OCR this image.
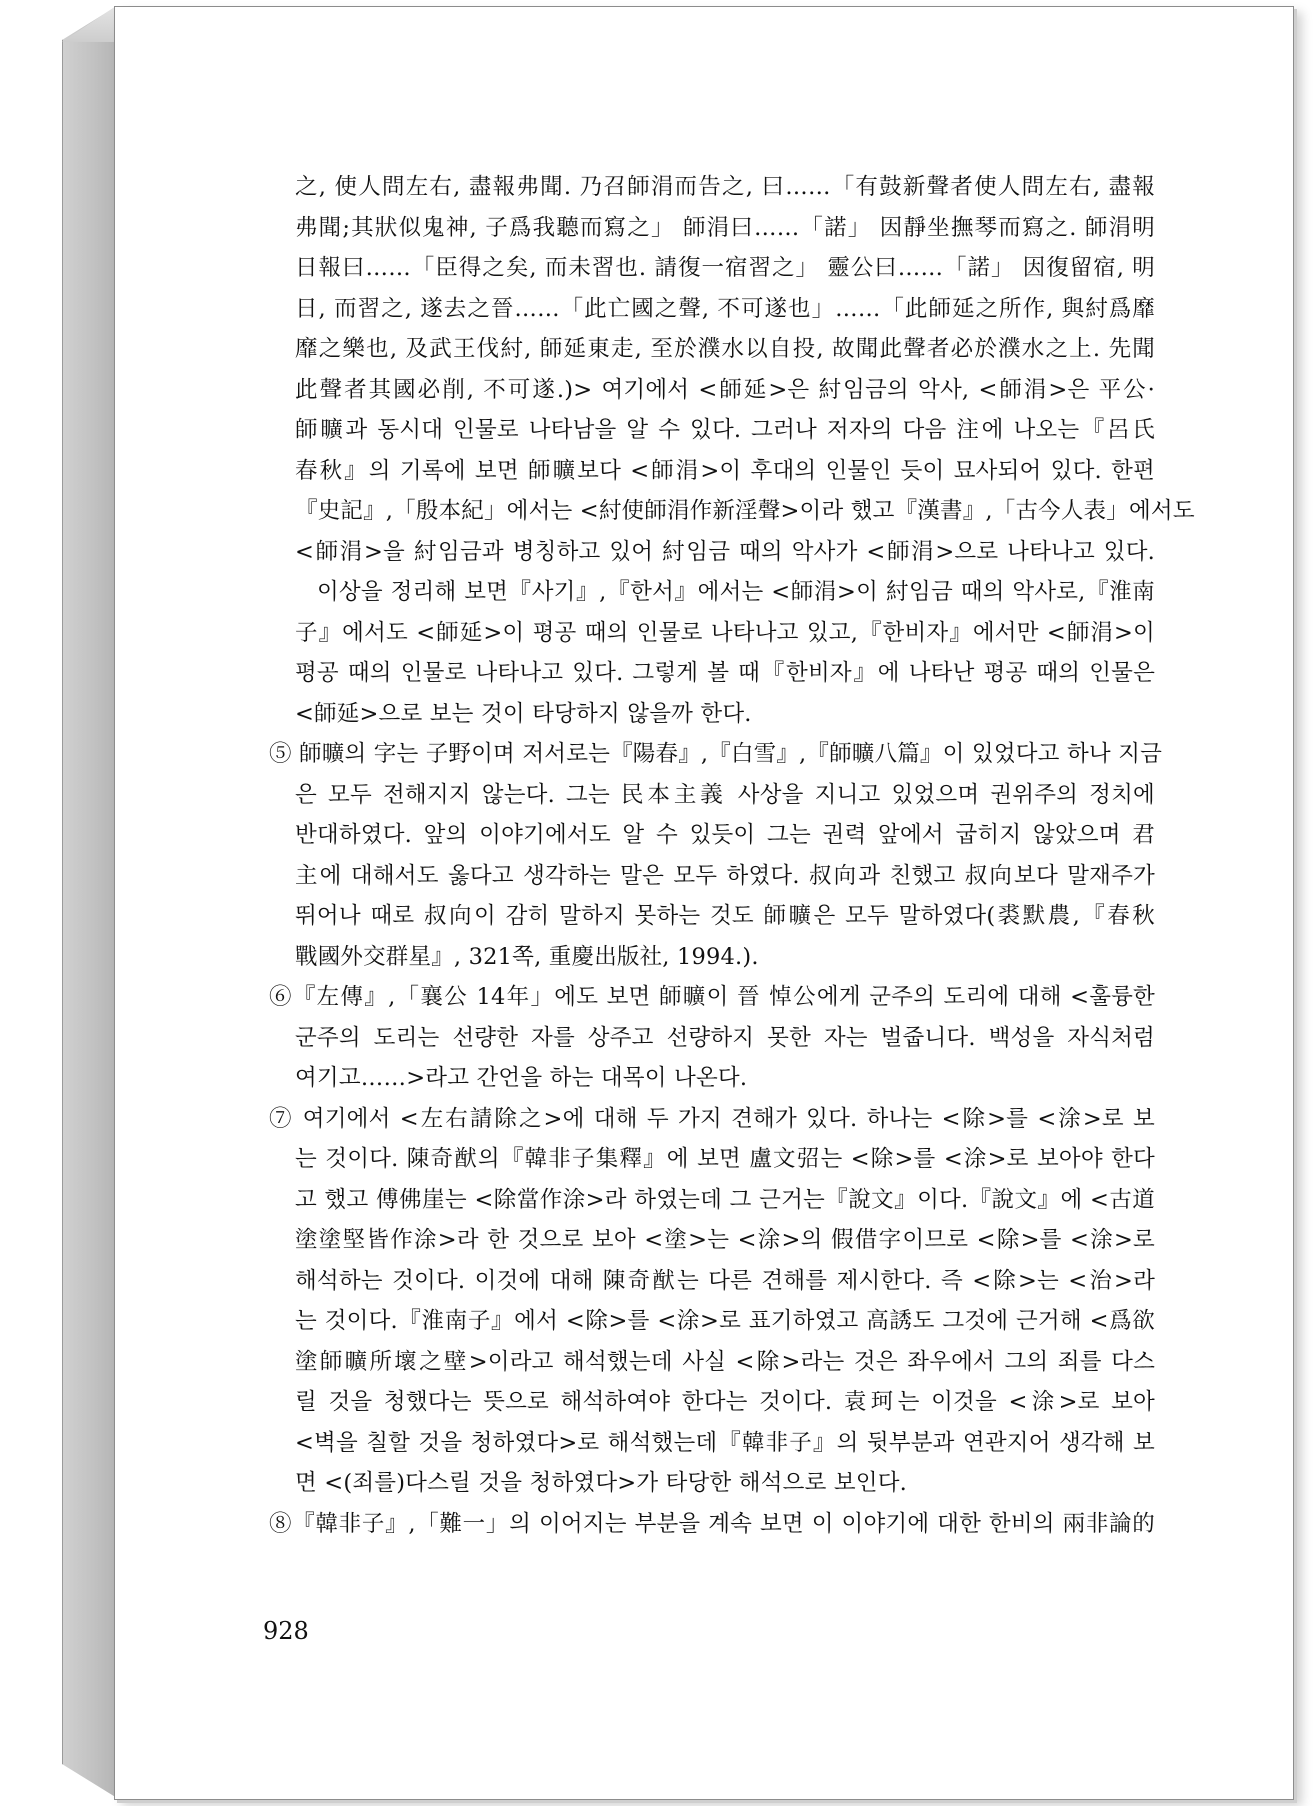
之, 使人問左右, 盡報弗聞. 乃召師涓而告之, 曰……「有鼓新聲者使人問左右, 盡報
弗聞;其狀似鬼神, 子爲我聽而寫之」 師涓曰……「諾」 因靜坐撫琴而寫之. 師涓明
日報曰……「臣得之矣, 而未習也. 請復一宿習之」 靈公曰……「諾」 因復留宿, 明
日, 而習之, 遂去之晉……「此亡國之聲, 不可遂也」……「此師延之所作, 與紂爲靡
靡之樂也, 及武王伐紂, 師延東走, 至於濮水以自投, 故聞此聲者必於濮水之上. 先聞
此聲者其國必削, 不可遂.)> 여기에서 <師延>은 紂임금의 악사, <師涓>은 平公·
師曠과 동시대 인물로 나타남을 알 수 있다. 그러나 저자의 다음 注에 나오는『呂氏
春秋』의 기록에 보면 師曠보다 <師涓>이 후대의 인물인 듯이 묘사되어 있다. 한편
『史記』,「殷本紀」에서는 <紂使師涓作新淫聲>이라 했고『漢書』,「古今人表」에서도
<師涓>을 紂임금과 병칭하고 있어 紂임금 때의 악사가 <師涓>으로 나타나고 있다.
이상을 정리해 보면『사기』,『한서』에서는 <師涓>이 紂임금 때의 악사로,『淮南
子』에서도 <師延>이 평공 때의 인물로 나타나고 있고,『한비자』에서만 <師涓>이
평공 때의 인물로 나타나고 있다. 그렇게 볼 때『한비자』에 나타난 평공 때의 인물은
<師延>으로 보는 것이 타당하지 않을까 한다.
⑤ 師曠의 字는 子野이며 저서로는『陽春』,『白雪』,『師曠八篇』이 있었다고 하나 지금
은 모두 전해지지 않는다. 그는 民本主義 사상을 지니고 있었으며 권위주의 정치에
반대하였다. 앞의 이야기에서도 알 수 있듯이 그는 권력 앞에서 굽히지 않았으며 君
主에 대해서도 옳다고 생각하는 말은 모두 하였다. 叔向과 친했고 叔向보다 말재주가
뛰어나 때로 叔向이 감히 말하지 못하는 것도 師曠은 모두 말하였다(裘默農,『春秋
戰國外交群星』, 321쪽, 重慶出版社, 1994.).
⑥『左傳』,「襄公 14年」에도 보면 師曠이 晉 悼公에게 군주의 도리에 대해 <훌륭한
군주의 도리는 선량한 자를 상주고 선량하지 못한 자는 벌줍니다. 백성을 자식처럼
여기고……>라고 간언을 하는 대목이 나온다.
⑦ 여기에서 <左右請除之>에 대해 두 가지 견해가 있다. 하나는 <除>를 <涂>로 보
는 것이다. 陳奇猷의『韓非子集釋』에 보면 盧文弨는 <除>를 <涂>로 보아야 한다
고 했고 傅佛崖는 <除當作涂>라 하였는데 그 근거는『說文』이다.『說文』에 <古道
塗塗堅皆作涂>라 한 것으로 보아 <塗>는 <涂>의 假借字이므로 <除>를 <涂>로
해석하는 것이다. 이것에 대해 陳奇猷는 다른 견해를 제시한다. 즉 <除>는 <治>라
는 것이다.『淮南子』에서 <除>를 <涂>로 표기하였고 高誘도 그것에 근거해 <爲欲
塗師曠所壞之壁>이라고 해석했는데 사실 <除>라는 것은 좌우에서 그의 죄를 다스
릴 것을 청했다는 뜻으로 해석하여야 한다는 것이다. 袁珂는 이것을 <涂>로 보아
<벽을 칠할 것을 청하였다>로 해석했는데『韓非子』의 뒷부분과 연관지어 생각해 보
면 <(죄를)다스릴 것을 청하였다>가 타당한 해석으로 보인다.
⑧『韓非子』,「難一」의 이어지는 부분을 계속 보면 이 이야기에 대한 한비의 兩非論的
928
